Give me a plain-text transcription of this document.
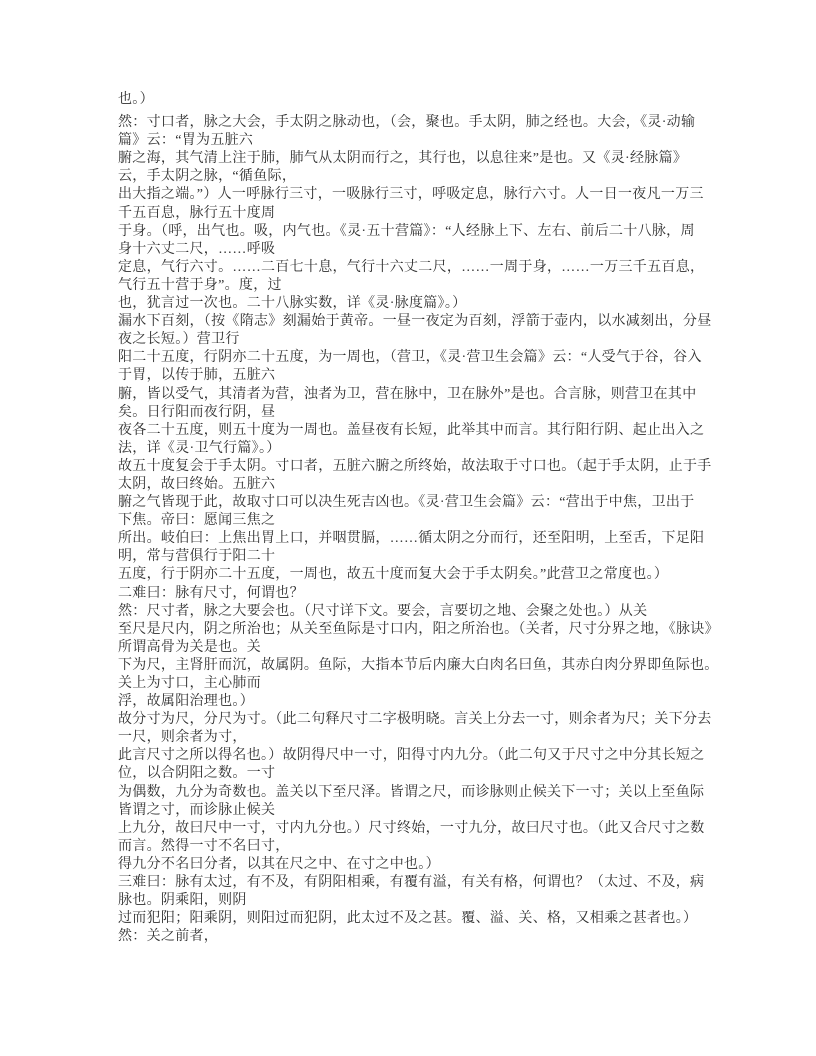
也。）
然：寸口者，脉之大会，手太阴之脉动也，（会，聚也。手太阴，肺之经也。大会，《灵·动输
篇》云：“胃为五脏六
腑之海，其气清上注于肺，肺气从太阴而行之，其行也，以息往来”是也。又《灵·经脉篇》
云，手太阴之脉，“循鱼际，
出大指之端。”）人一呼脉行三寸，一吸脉行三寸，呼吸定息，脉行六寸。人一日一夜凡一万三
千五百息，脉行五十度周
于身。（呼，出气也。吸，内气也。《灵·五十营篇》：“人经脉上下、左右、前后二十八脉，周
身十六丈二尺，……呼吸
定息，气行六寸。……二百七十息，气行十六丈二尺，……一周于身，……一万三千五百息，
气行五十营于身”。度，过
也，犹言过一次也。二十八脉实数，详《灵·脉度篇》。）
漏水下百刻，（按《隋志》刻漏始于黄帝。一昼一夜定为百刻，浮箭于壶内，以水减刻出，分昼
夜之长短。）营卫行
阳二十五度，行阴亦二十五度，为一周也，（营卫，《灵·营卫生会篇》云：“人受气于谷，谷入
于胃，以传于肺，五脏六
腑，皆以受气，其清者为营，浊者为卫，营在脉中，卫在脉外”是也。合言脉，则营卫在其中
矣。日行阳而夜行阴，昼
夜各二十五度，则五十度为一周也。盖昼夜有长短，此举其中而言。其行阳行阴、起止出入之
法，详《灵·卫气行篇》。）
故五十度复会于手太阴。寸口者，五脏六腑之所终始，故法取于寸口也。（起于手太阴，止于手
太阴，故曰终始。五脏六
腑之气皆现于此，故取寸口可以决生死吉凶也。《灵·营卫生会篇》云：“营出于中焦，卫出于
下焦。帝曰：愿闻三焦之
所出。岐伯曰：上焦出胃上口，并咽贯膈，……循太阴之分而行，还至阳明，上至舌，下足阳
明，常与营俱行于阳二十
五度，行于阴亦二十五度，一周也，故五十度而复大会于手太阴矣。”此营卫之常度也。）
二难曰：脉有尺寸，何谓也？
然：尺寸者，脉之大要会也。（尺寸详下文。要会，言要切之地、会聚之处也。）从关
至尺是尺内，阴之所治也；从关至鱼际是寸口内，阳之所治也。（关者，尺寸分界之地，《脉诀》
所谓高骨为关是也。关
下为尺，主肾肝而沉，故属阴。鱼际，大指本节后内廉大白肉名曰鱼，其赤白肉分界即鱼际也。
关上为寸口，主心肺而
浮，故属阳治理也。）
故分寸为尺，分尺为寸。（此二句释尺寸二字极明晓。言关上分去一寸，则余者为尺；关下分去
一尺，则余者为寸，
此言尺寸之所以得名也。）故阴得尺中一寸，阳得寸内九分。（此二句又于尺寸之中分其长短之
位，以合阴阳之数。一寸
为偶数，九分为奇数也。盖关以下至尺泽。皆谓之尺，而诊脉则止候关下一寸；关以上至鱼际
皆谓之寸，而诊脉止候关
上九分，故曰尺中一寸，寸内九分也。）尺寸终始，一寸九分，故曰尺寸也。（此又合尺寸之数
而言。然得一寸不名曰寸，
得九分不名曰分者，以其在尺之中、在寸之中也。）
三难曰：脉有太过，有不及，有阴阳相乘，有覆有溢，有关有格，何谓也？（太过、不及，病
脉也。阴乘阳，则阴
过而犯阳；阳乘阴，则阳过而犯阴，此太过不及之甚。覆、溢、关、格，又相乘之甚者也。）
然：关之前者，
